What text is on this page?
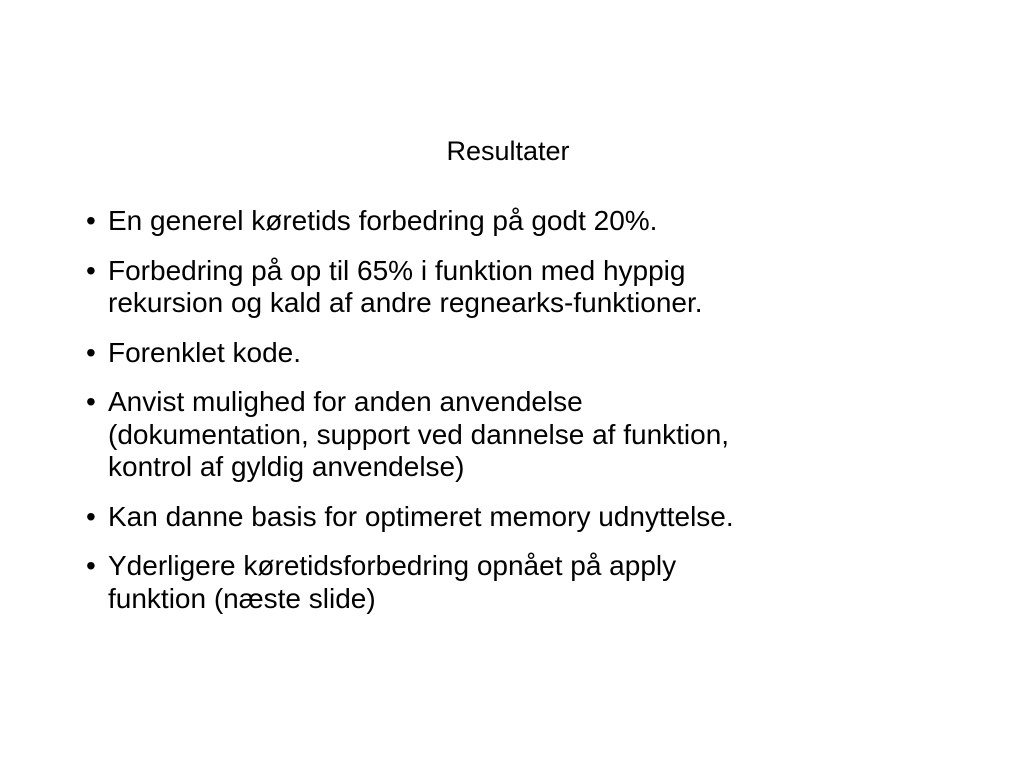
Resultater
• En generel køretids forbedring på godt 20%.
• Forbedring på op til 65% i funktion med hyppig
rekursion og kald af andre regnearks-funktioner.
• Forenklet kode.
• Anvist mulighed for anden anvendelse
(dokumentation, support ved dannelse af funktion,
kontrol af gyldig anvendelse)
• Kan danne basis for optimeret memory udnyttelse.
• Yderligere køretidsforbedring opnået på apply
funktion (næste slide)
